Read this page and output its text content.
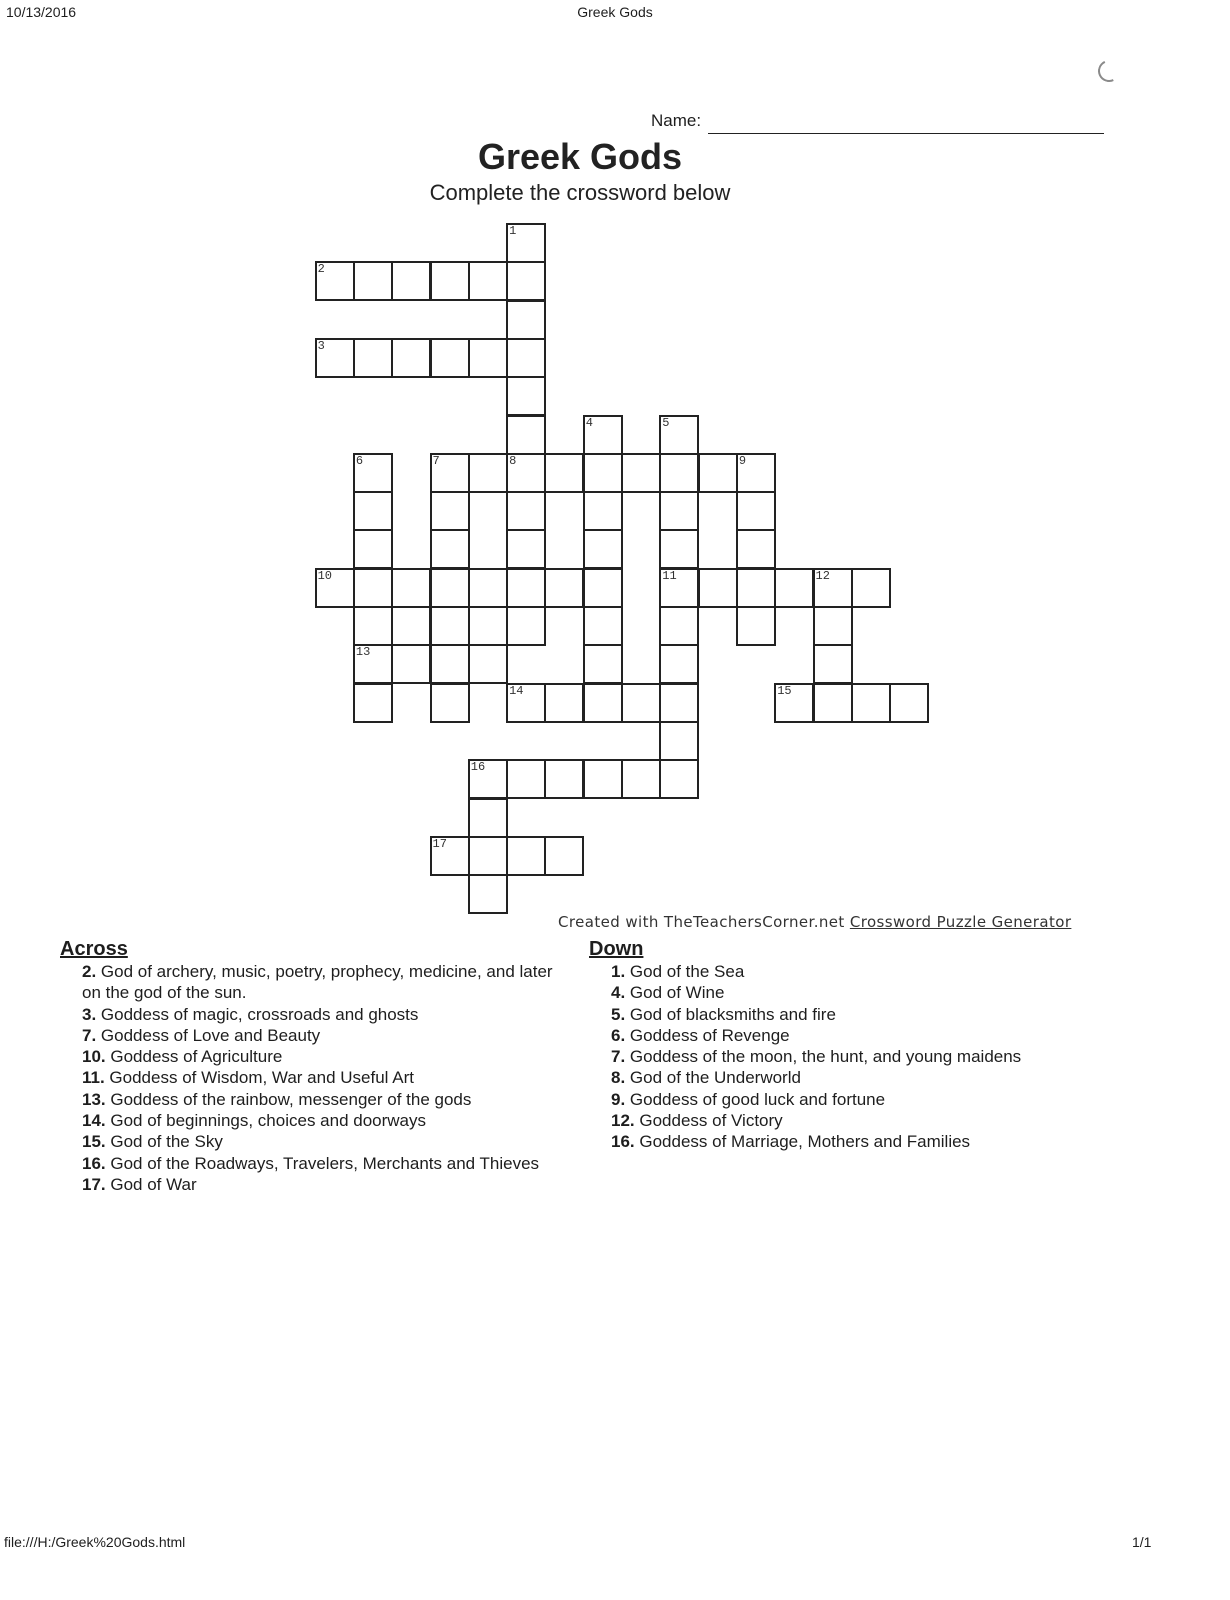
10/13/2016	Greek Gods
Name:
Greek Gods
Complete the crossword below
1
2
3
4	5
6	7	8	9
10	11	12
13
14	15
16
17
Created with TheTeachersCorner.net Crossword Puzzle Generator
Across

2. God of archery, music, poetry, prophecy, medicine, and later on the god of the sun.

3. Goddess of magic, crossroads and ghosts

7. Goddess of Love and Beauty

10. Goddess of Agriculture

11. Goddess of Wisdom, War and Useful Art

13. Goddess of the rainbow, messenger of the gods

14. God of beginnings, choices and doorways

15. God of the Sky

16. God of the Roadways, Travelers, Merchants and Thieves

17. God of War

Down

1. God of the Sea

4. God of Wine

5. God of blacksmiths and fire

6. Goddess of Revenge

7. Goddess of the moon, the hunt, and young maidens

8. God of the Underworld

9. Goddess of good luck and fortune

12. Goddess of Victory

16. Goddess of Marriage, Mothers and Families

file:///H:/Greek%20Gods.html	1/1
